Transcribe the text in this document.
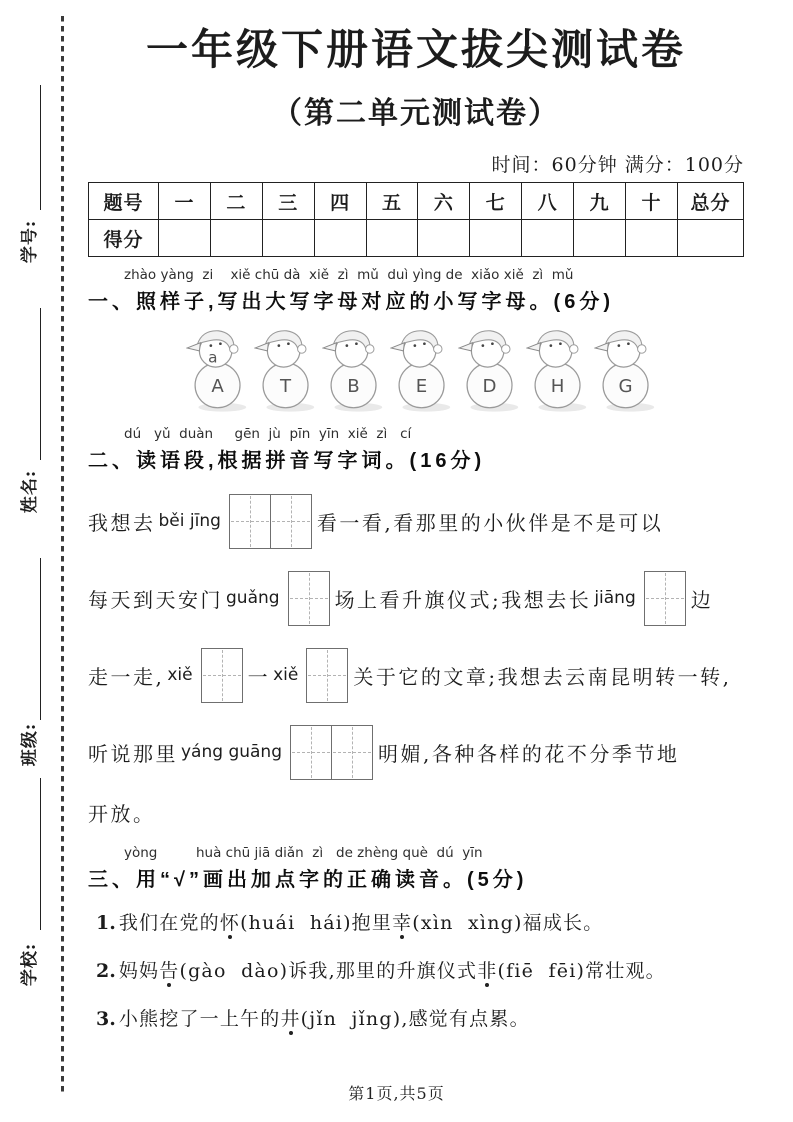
学号:
姓名:
班级:
学校:
一年级下册语文拔尖测试卷
（第二单元测试卷）
时间：60分钟 满分：100分
题号	一	二	三	四	五	六	七	八	九	十	总分
得分											
zhào yàng  zi    xiě chū dà  xiě  zì  mǔ  duì yìng de  xiǎo xiě  zì  mǔ
一、照样子,写出大写字母对应的小写字母。(6分)
a
A	T	B	E	D	H	G
dú   yǔ  duàn     gēn  jù  pīn  yīn  xiě  zì   cí
二、读语段,根据拼音写字词。(16分)
我想去 běi jīng	看一看,看那里的小伙伴是不是可以
每天到天安门 guǎng	场上看升旗仪式;我想去长 jiāng	边
走一走, xiě	一 xiě	关于它的文章;我想去云南昆明转一转,
听说那里 yáng guāng	明媚,各种各样的花不分季节地
开放。
yòng         huà chū jiā diǎn  zì   de zhèng què  dú  yīn
三、用“√”画出加点字的正确读音。(5分)
1. 我们在党的怀(huái  hái)抱里幸(xìn  xìng)福成长。
2. 妈妈告(gào  dào)诉我,那里的升旗仪式非(fiē  fēi)常壮观。
3. 小熊挖了一上午的井(jǐn  jǐng),感觉有点累。
第1页,共5页
